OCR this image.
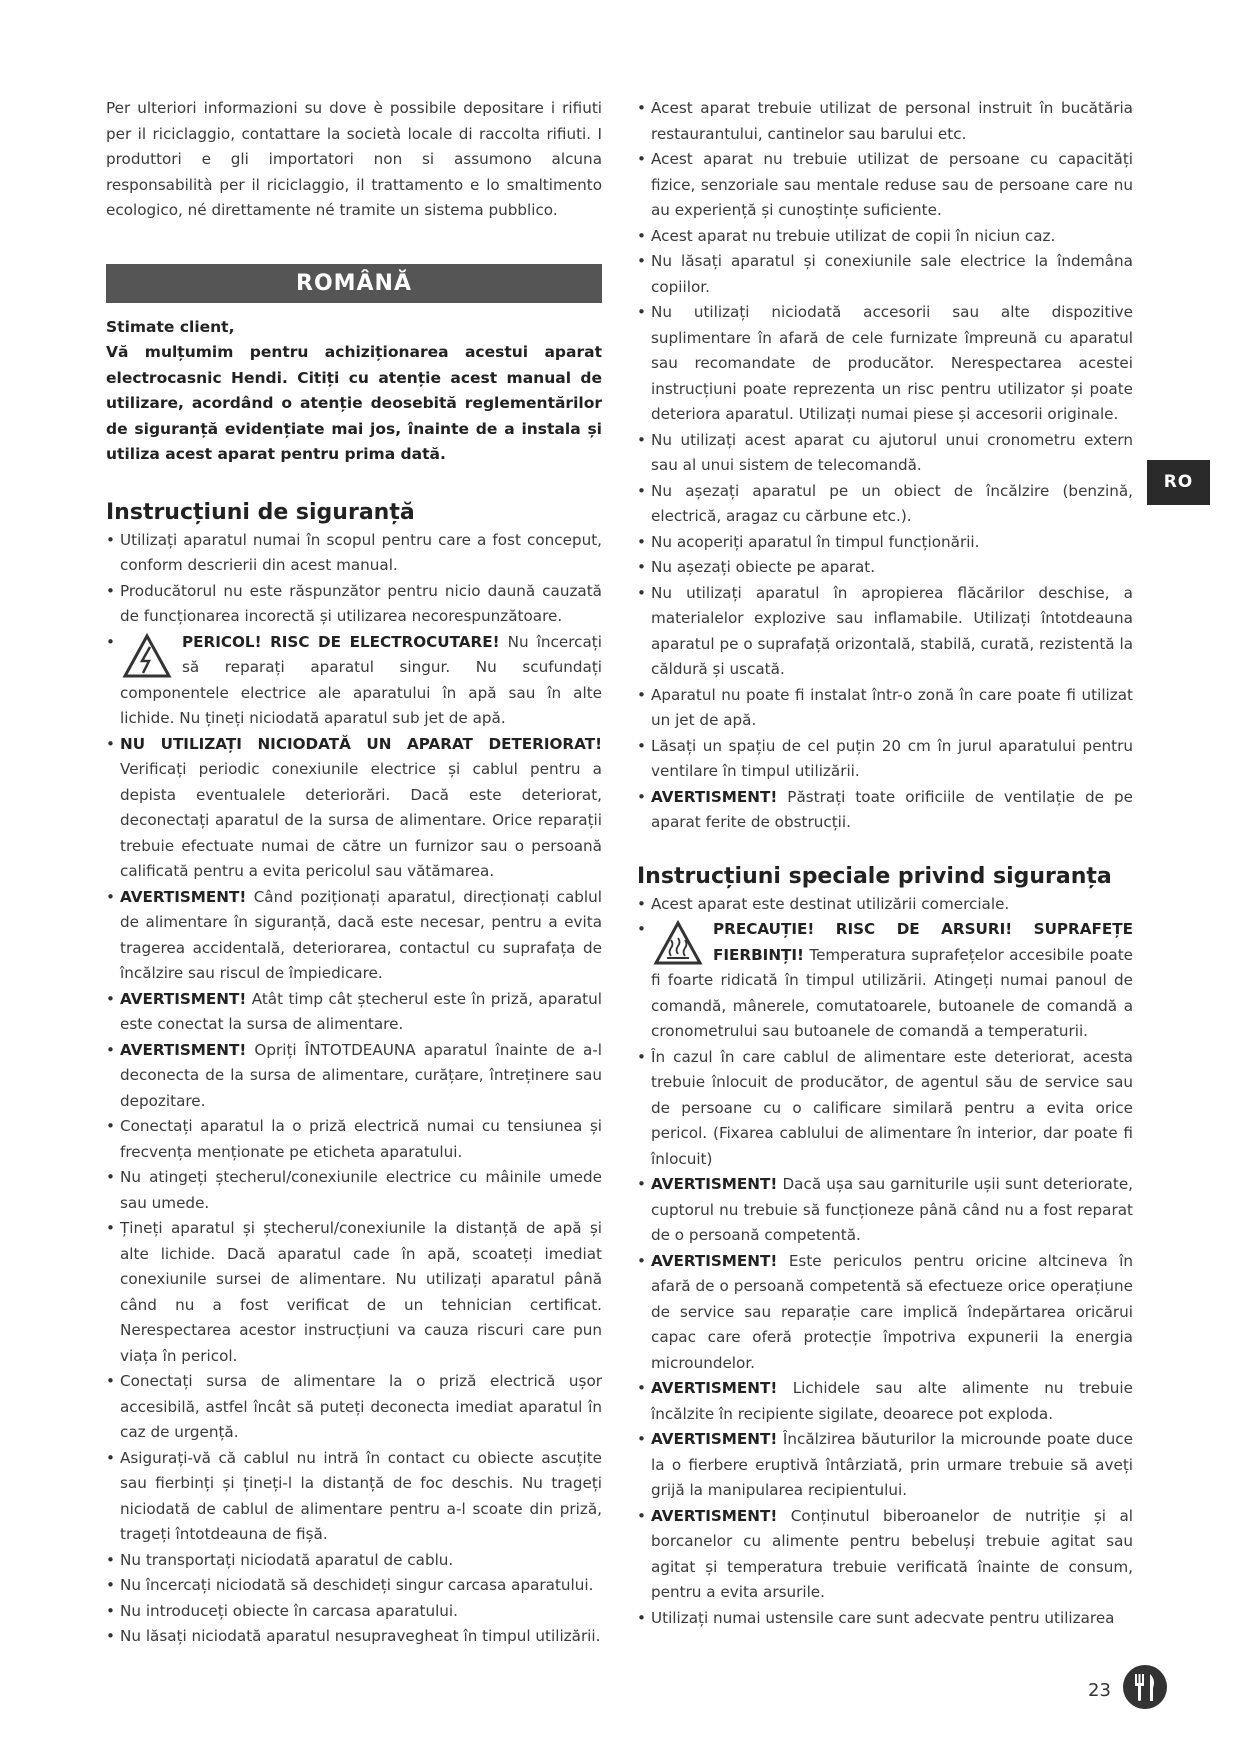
Per ulteriori informazioni su dove è possibile depositare i rifiuti per il riciclaggio, contattare la società locale di raccolta rifiuti. I produttori e gli importatori non si assumono alcuna responsabilità per il riciclaggio, il trattamento e lo smaltimento ecologico, né direttamente né tramite un sistema pubblico.

ROMÂNĂ

Stimate client,

Vă mulțumim pentru achiziționarea acestui aparat electrocasnic Hendi. Citiți cu atenție acest manual de utilizare, acordând o atenție deosebită reglementărilor de siguranță evidențiate mai jos, înainte de a instala și utiliza acest aparat pentru prima dată.

Instrucțiuni de siguranță
• Utilizați aparatul numai în scopul pentru care a fost conceput, conform descrierii din acest manual.
• Producătorul nu este răspunzător pentru nicio daună cauzată de funcționarea incorectă și utilizarea necorespunzătoare.
• PERICOL! RISC DE ELECTROCUTARE! Nu încercați să reparați aparatul singur. Nu scufundați componentele electrice ale aparatului în apă sau în alte lichide. Nu țineți niciodată aparatul sub jet de apă.
• NU UTILIZAȚI NICIODATĂ UN APARAT DETERIORAT! Verificați periodic conexiunile electrice și cablul pentru a depista eventualele deteriorări. Dacă este deteriorat, deconectați aparatul de la sursa de alimentare. Orice reparații trebuie efectuate numai de către un furnizor sau o persoană calificată pentru a evita pericolul sau vătămarea.
• AVERTISMENT! Când poziționați aparatul, direcționați cablul de alimentare în siguranță, dacă este necesar, pentru a evita tragerea accidentală, deteriorarea, contactul cu suprafața de încălzire sau riscul de împiedicare.
• AVERTISMENT! Atât timp cât ștecherul este în priză, aparatul este conectat la sursa de alimentare.
• AVERTISMENT! Opriți ÎNTOTDEAUNA aparatul înainte de a-l deconecta de la sursa de alimentare, curățare, întreținere sau depozitare.
• Conectați aparatul la o priză electrică numai cu tensiunea și frecvența menționate pe eticheta aparatului.
• Nu atingeți ștecherul/conexiunile electrice cu mâinile umede sau umede.
• Țineți aparatul și ștecherul/conexiunile la distanță de apă și alte lichide. Dacă aparatul cade în apă, scoateți imediat conexiunile sursei de alimentare. Nu utilizați aparatul până când nu a fost verificat de un tehnician certificat. Nerespectarea acestor instrucțiuni va cauza riscuri care pun viața în pericol.
• Conectați sursa de alimentare la o priză electrică ușor accesibilă, astfel încât să puteți deconecta imediat aparatul în caz de urgență.
• Asigurați-vă că cablul nu intră în contact cu obiecte ascuțite sau fierbinți și țineți-l la distanță de foc deschis. Nu trageți niciodată de cablul de alimentare pentru a-l scoate din priză, trageți întotdeauna de fișă.
• Nu transportați niciodată aparatul de cablu.
• Nu încercați niciodată să deschideți singur carcasa aparatului.
• Nu introduceți obiecte în carcasa aparatului.
• Nu lăsați niciodată aparatul nesupravegheat în timpul utilizării.
• Acest aparat trebuie utilizat de personal instruit în bucătăria restaurantului, cantinelor sau barului etc.
• Acest aparat nu trebuie utilizat de persoane cu capacități fizice, senzoriale sau mentale reduse sau de persoane care nu au experiență și cunoștințe suficiente.
• Acest aparat nu trebuie utilizat de copii în niciun caz.
• Nu lăsați aparatul și conexiunile sale electrice la îndemâna copiilor.
• Nu utilizați niciodată accesorii sau alte dispozitive suplimentare în afară de cele furnizate împreună cu aparatul sau recomandate de producător. Nerespectarea acestei instrucțiuni poate reprezenta un risc pentru utilizator și poate deteriora aparatul. Utilizați numai piese și accesorii originale.
• Nu utilizați acest aparat cu ajutorul unui cronometru extern sau al unui sistem de telecomandă.
• Nu așezați aparatul pe un obiect de încălzire (benzină, electrică, aragaz cu cărbune etc.).
• Nu acoperiți aparatul în timpul funcționării.
• Nu așezați obiecte pe aparat.
• Nu utilizați aparatul în apropierea flăcărilor deschise, a materialelor explozive sau inflamabile. Utilizați întotdeauna aparatul pe o suprafață orizontală, stabilă, curată, rezistentă la căldură și uscată.
• Aparatul nu poate fi instalat într-o zonă în care poate fi utilizat un jet de apă.
• Lăsați un spațiu de cel puțin 20 cm în jurul aparatului pentru ventilare în timpul utilizării.
• AVERTISMENT! Păstrați toate orificiile de ventilație de pe aparat ferite de obstrucții.
Instrucțiuni speciale privind siguranța
• Acest aparat este destinat utilizării comerciale.
• PRECAUȚIE! RISC DE ARSURI! SUPRAFEȚE FIERBINȚI! Temperatura suprafețelor accesibile poate fi foarte ridicată în timpul utilizării. Atingeți numai panoul de comandă, mânerele, comutatoarele, butoanele de comandă a cronometrului sau butoanele de comandă a temperaturii.
• În cazul în care cablul de alimentare este deteriorat, acesta trebuie înlocuit de producător, de agentul său de service sau de persoane cu o calificare similară pentru a evita orice pericol. (Fixarea cablului de alimentare în interior, dar poate fi înlocuit)
• AVERTISMENT! Dacă ușa sau garniturile ușii sunt deteriorate, cuptorul nu trebuie să funcționeze până când nu a fost reparat de o persoană competentă.
• AVERTISMENT! Este periculos pentru oricine altcineva în afară de o persoană competentă să efectueze orice operațiune de service sau reparație care implică îndepărtarea oricărui capac care oferă protecție împotriva expunerii la energia microundelor.
• AVERTISMENT! Lichidele sau alte alimente nu trebuie încălzite în recipiente sigilate, deoarece pot exploda.
• AVERTISMENT! Încălzirea băuturilor la microunde poate duce la o fierbere eruptivă întârziată, prin urmare trebuie să aveți grijă la manipularea recipientului.
• AVERTISMENT! Conținutul biberoanelor de nutriție și al borcanelor cu alimente pentru bebeluși trebuie agitat sau agitat și temperatura trebuie verificată înainte de consum, pentru a evita arsurile.
• Utilizați numai ustensile care sunt adecvate pentru utilizarea
RO
23
